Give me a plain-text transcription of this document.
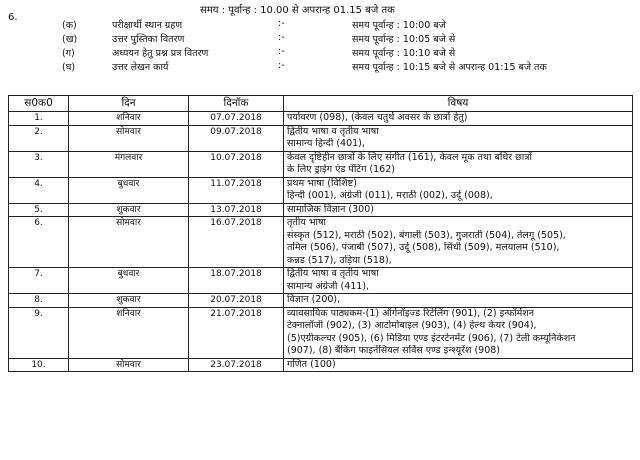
समय : पूर्वान्ह : 10.00 से अपरान्ह 01.15 बजे तक
6.
(क)	परीक्षार्थी स्थान ग्रहण	:-	समय पूर्वान्ह : 10:00 बजे
(ख)	उत्तर पुस्तिका वितरण	:-	समय पूर्वान्ह : 10:05 बजे से
(ग)	अध्ययन हेतु प्रश्न प्रत्र वितरण	:-	समय पूर्वान्ह : 10:10 बजे से
(घ)	उत्तर लेखन कार्य	:-	समय पूर्वान्ह : 10:15 बजे से अपरान्ह 01:15 बजे तक
स0क0	दिन	दिनॉक	विषय
1.	शनिवार	07.07.2018	पर्यावरण (098), (केवल चतुर्थ अवसर के छात्रों हेतु)

2.	सोमवार	09.07.2018	द्वितीय भाषा व तृतीय भाषा
सामान्य हिन्दी (401),

3.	मंगलवार	10.07.2018	केवल दृष्टिहीन छात्रों के लिए संगीत (161), केवल मूक तथा बधिर छात्रों
के लिए ड्राईग एंड पेंटिंग (162)

4.	बुधवार	11.07.2018	प्रथम भाषा (विशिष्ट)
हिन्दी (001), अंग्रेजी (011), मराठी (002), उर्दू (008),

5.	शुकवार	13.07.2018	सामाजिक विज्ञान (300)

6.	सोमवार	16.07.2018	तृतीय भाषा
संस्कृत (512), मराठी (502), बंगाली (503), गुजराती (504), तेलगू (505),
तमिल (506), पंजाबी (507), उर्दू (508), सिंधी (509), मलयालम (510),
कन्नड (517), उड़िया (518),

7.	बुधवार	18.07.2018	द्वितीय भाषा व तृतीय भाषा
सामान्य अंग्रेजी (411),

8.	शुकवार	20.07.2018	विज्ञान (200),

9.	शनिवार	21.07.2018	व्यावसायिक पाठ्यकम-(1) ऑर्गनॉइज्ड रिटेलिंग (901), (2) इन्फॉर्मेशन
टेक्नालॉजी (902), (3) आटोमोबाइल (903), (4) हेल्थ केयर (904),
(5)एग्रीकल्चर (905), (6) मिडिया एण्ड इंटरटेनमेंट (906), (7) टेली कम्यूनिकेशन
(907), (8) बैंकिंग फाइनेंसियल सर्विस एण्ड इन्श्यूरेंश (908)

10.	सोमवार	23.07.2018	गणित (100)
